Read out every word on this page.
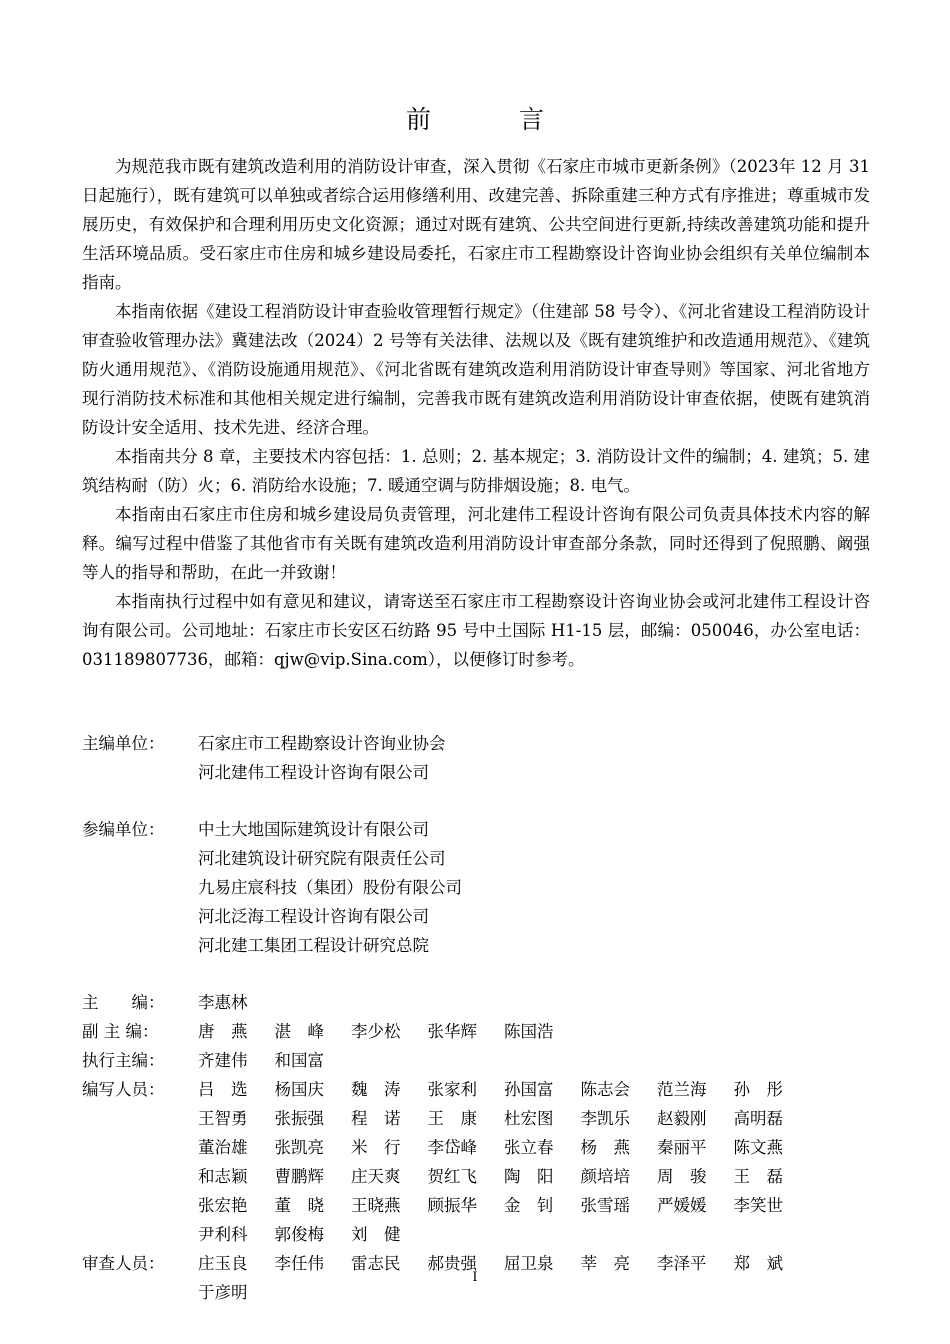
前 言

为规范我市既有建筑改造利用的消防设计审查，深入贯彻《石家庄市城市更新条例》（2023年 12 月 31 日起施行），既有建筑可以单独或者综合运用修缮利用、改建完善、拆除重建三种方式有序推进；尊重城市发展历史，有效保护和合理利用历史文化资源；通过对既有建筑、公共空间进行更新,持续改善建筑功能和提升生活环境品质。受石家庄市住房和城乡建设局委托，石家庄市工程勘察设计咨询业协会组织有关单位编制本指南。

本指南依据《建设工程消防设计审查验收管理暂行规定》（住建部 58 号令）、《河北省建设工程消防设计审查验收管理办法》冀建法改（2024）2 号等有关法律、法规以及《既有建筑维护和改造通用规范》、《建筑防火通用规范》、《消防设施通用规范》、《河北省既有建筑改造利用消防设计审查导则》等国家、河北省地方现行消防技术标准和其他相关规定进行编制，完善我市既有建筑改造利用消防设计审查依据，使既有建筑消防设计安全适用、技术先进、经济合理。

本指南共分 8 章，主要技术内容包括：1. 总则；2. 基本规定；3. 消防设计文件的编制；4. 建筑；5. 建筑结构耐（防）火；6. 消防给水设施；7. 暖通空调与防排烟设施；8. 电气。

本指南由石家庄市住房和城乡建设局负责管理，河北建伟工程设计咨询有限公司负责具体技术内容的解释。编写过程中借鉴了其他省市有关既有建筑改造利用消防设计审查部分条款，同时还得到了倪照鹏、阚强等人的指导和帮助，在此一并致谢！

本指南执行过程中如有意见和建议，请寄送至石家庄市工程勘察设计咨询业协会或河北建伟工程设计咨询有限公司。公司地址：石家庄市长安区石纺路 95 号中土国际 H1-15 层，邮编：050046，办公室电话：031189807736，邮箱：qjw@vip.Sina.com），以便修订时参考。

主编单位：	石家庄市工程勘察设计咨询业协会
河北建伟工程设计咨询有限公司
参编单位：	中土大地国际建筑设计有限公司
河北建筑设计研究院有限责任公司
九易庄宸科技（集团）股份有限公司
河北泛海工程设计咨询有限公司
河北建工集团工程设计研究总院
主　　编：	李惠林
副 主 编：	唐　燕	湛　峰	李少松	张华辉	陈国浩
执行主编：	齐建伟	和国富
编写人员：	吕　选	杨国庆	魏　涛	张家利	孙国富	陈志会	范兰海	孙　彤
王智勇	张振强	程　诺	王　康	杜宏图	李凯乐	赵毅刚	高明磊
董治雄	张凯亮	米　行	李岱峰	张立春	杨　燕	秦丽平	陈文燕
和志颖	曹鹏辉	庄天爽	贺红飞	陶　阳	颜培培	周　骏	王　磊
张宏艳	董　晓	王晓燕	顾振华	金　钊	张雪瑶	严媛媛	李笑世
尹利科	郭俊梅	刘　健
审查人员：	庄玉良	李任伟	雷志民	郝贵强	屈卫泉	莘　亮	李泽平	郑　斌
于彦明
I
